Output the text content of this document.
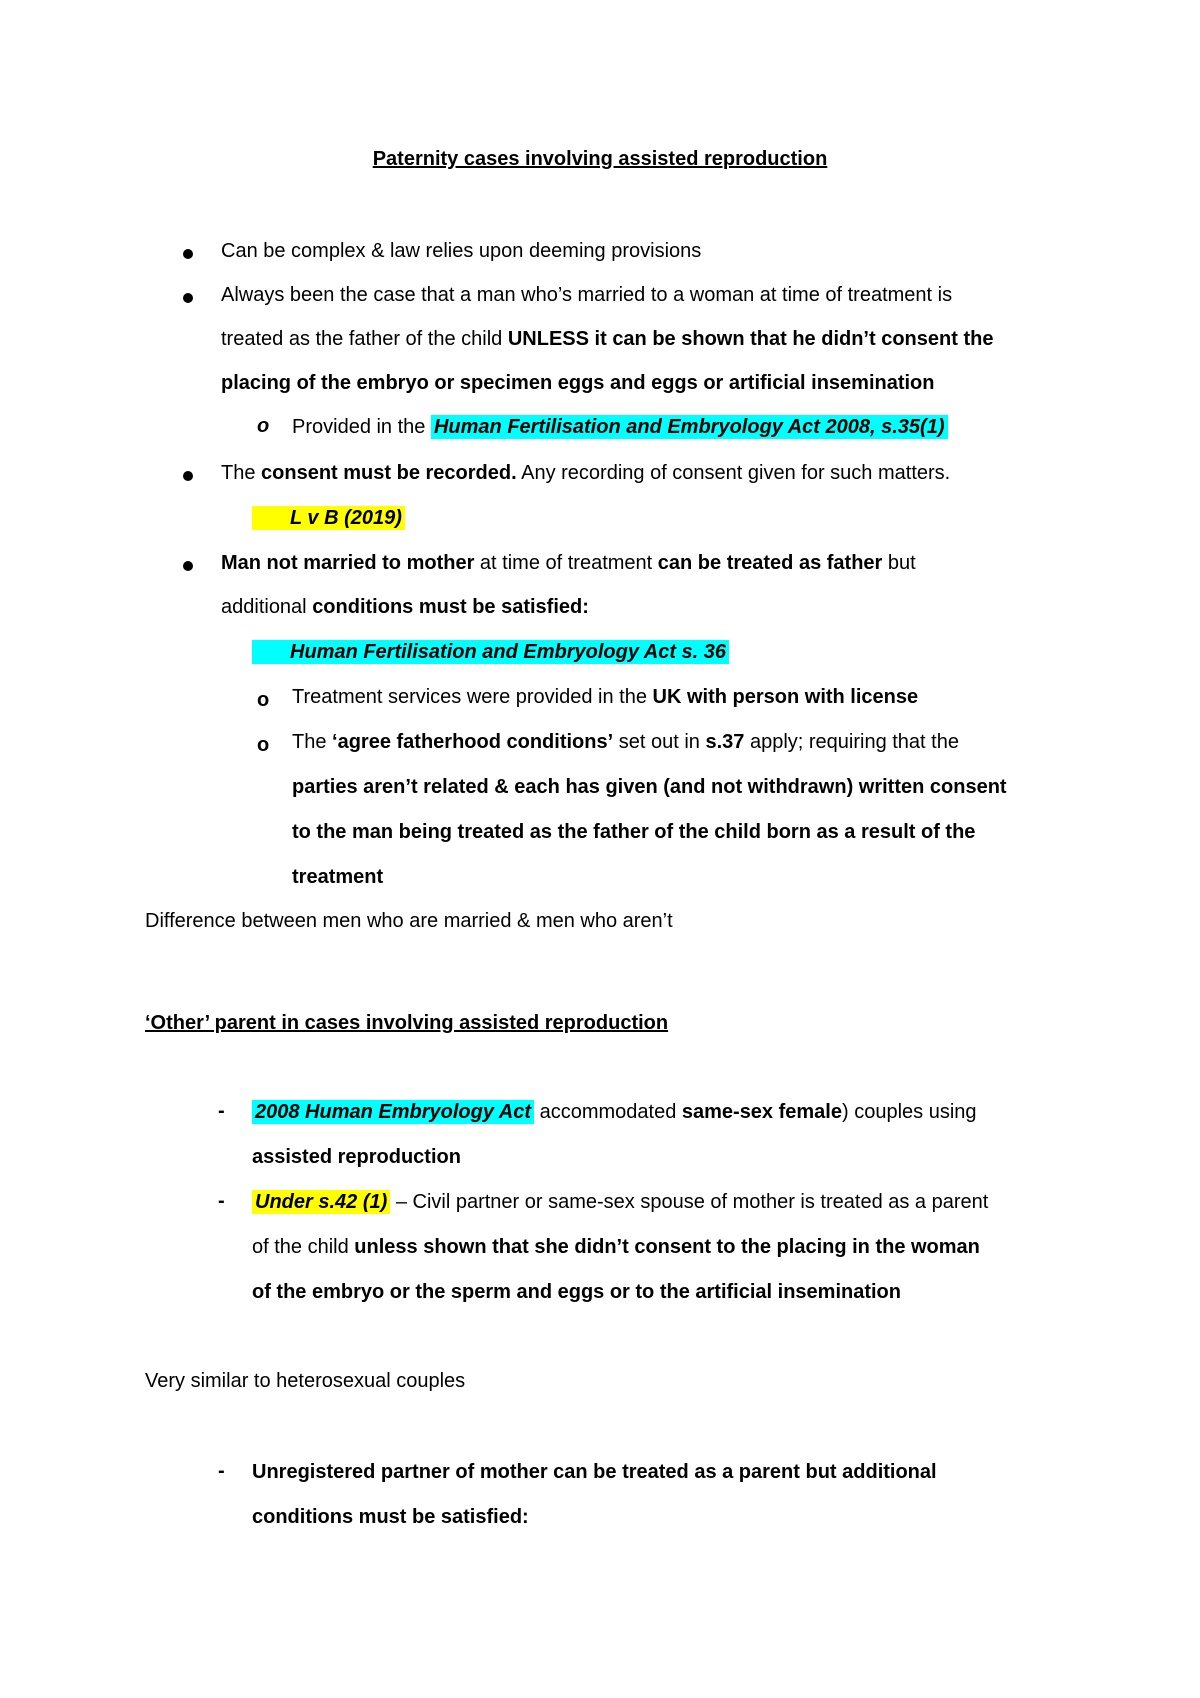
Paternity cases involving assisted reproduction
Can be complex & law relies upon deeming provisions
Always been the case that a man who’s married to a woman at time of treatment is
treated as the father of the child UNLESS it can be shown that he didn’t consent the
placing of the embryo or specimen eggs and eggs or artificial insemination
o Provided in the Human Fertilisation and Embryology Act 2008, s.35(1)
The consent must be recorded. Any recording of consent given for such matters.
L v B (2019)
Man not married to mother at time of treatment can be treated as father but
additional conditions must be satisfied:
Human Fertilisation and Embryology Act s. 36
o Treatment services were provided in the UK with person with license
o The ‘agree fatherhood conditions’ set out in s.37 apply; requiring that the
parties aren’t related & each has given (and not withdrawn) written consent
to the man being treated as the father of the child born as a result of the
treatment
Difference between men who are married & men who aren’t
‘Other’ parent in cases involving assisted reproduction
- 2008 Human Embryology Act accommodated same-sex female) couples using
assisted reproduction
- Under s.42 (1) – Civil partner or same-sex spouse of mother is treated as a parent
of the child unless shown that she didn’t consent to the placing in the woman
of the embryo or the sperm and eggs or to the artificial insemination
Very similar to heterosexual couples
- Unregistered partner of mother can be treated as a parent but additional
conditions must be satisfied:
